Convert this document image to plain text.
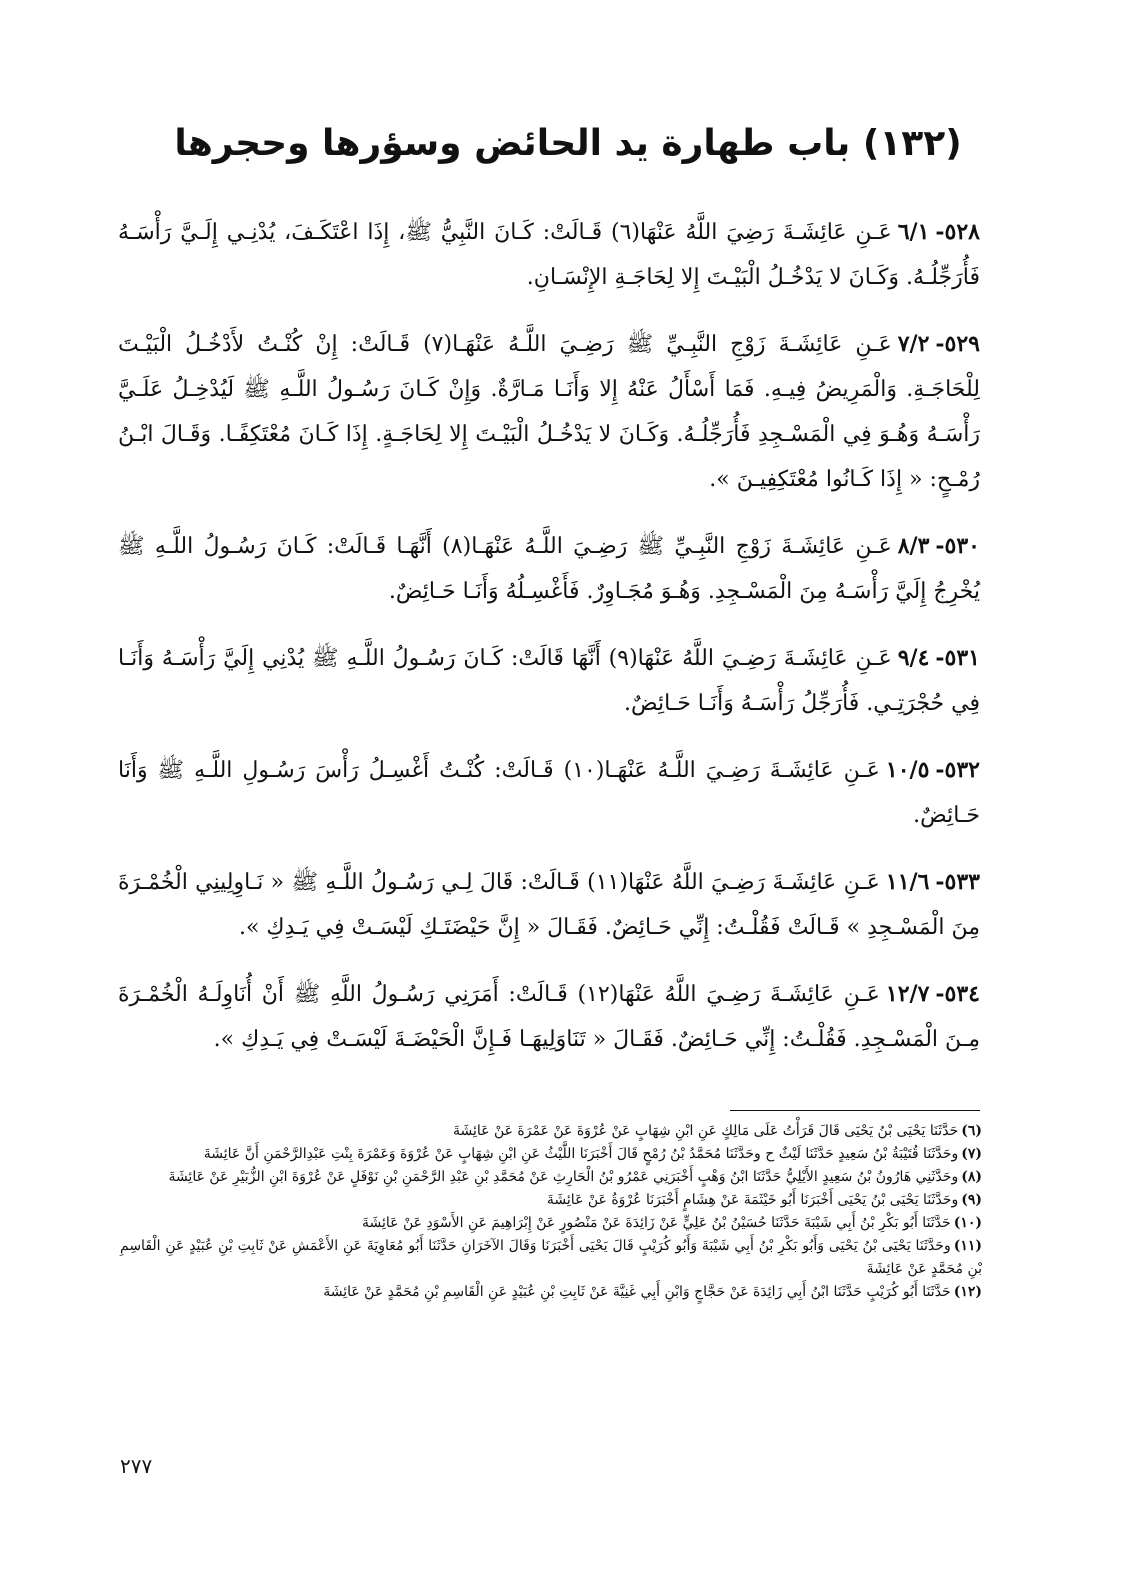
(١٣٢) باب طهارة يد الحائض وسؤرها وحجرها

٥٢٨-٦/١عَـنِ عَائِشَـةَ رَضِيَ اللَّهُ عَنْهَا(٦) قَـالَتْ: كَـانَ النَّبِيُّ ﷺ، إِذَا اعْتَكَـفَ، يُدْنِـي إِلَـيَّ رَأْسَـهُ فَأُرَجِّلُـهُ. وَكَـانَ لا يَدْخُـلُ الْبَيْـتَ إِلا لِحَاجَـةِ الإِنْسَـانِ.

٥٢٩-٧/٢عَـنِ عَائِشَـةَ زَوْجِ النَّبِـيِّ ﷺ رَضِـيَ اللَّـهُ عَنْهَـا(٧) قَـالَتْ: إِنْ كُنْـتُ لأَدْخُـلُ الْبَيْـتَ لِلْحَاجَـةِ. وَالْمَرِيضُ فِيـهِ. فَمَا أَسْأَلُ عَنْهُ إِلا وَأَنَـا مَـارَّةٌ. وَإِنْ كَـانَ رَسُـولُ اللَّـهِ ﷺ لَيُدْخِـلُ عَلَـيَّ رَأْسَـهُ وَهُـوَ فِي الْمَسْـجِدِ فَأُرَجِّلُـهُ. وَكَـانَ لا يَدْخُـلُ الْبَيْـتَ إِلا لِحَاجَـةٍ. إِذَا كَـانَ مُعْتَكِفًـا. وَقَـالَ ابْـنُ رُمْـحٍ: « إِذَا كَـانُوا مُعْتَكِفِيـنَ ».

٥٣٠-٨/٣عَـنِ عَائِشَـةَ زَوْجِ النَّبِـيِّ ﷺ رَضِـيَ اللَّـهُ عَنْهَـا(٨) أَنَّهَـا قَـالَتْ: كَـانَ رَسُـولُ اللَّـهِ ﷺ يُخْرِجُ إِلَيَّ رَأْسَـهُ مِنَ الْمَسْـجِدِ. وَهُـوَ مُجَـاوِرٌ. فَأَغْسِـلُهُ وَأَنَـا حَـائِضٌ.

٥٣١-٩/٤عَـنِ عَائِشَـةَ رَضِـيَ اللَّهُ عَنْهَا(٩) أَنَّهَا قَالَتْ: كَـانَ رَسُـولُ اللَّـهِ ﷺ يُدْنِي إِلَيَّ رَأْسَـهُ وَأَنَـا فِي حُجْرَتِـي. فَأُرَجِّلُ رَأْسَـهُ وَأَنَـا حَـائِضٌ.

٥٣٢-١٠/٥عَـنِ عَائِشَـةَ رَضِـيَ اللَّـهُ عَنْهَـا(١٠) قَـالَتْ: كُنْـتُ أَغْسِـلُ رَأْسَ رَسُـولِ اللَّـهِ ﷺ وَأَنَا حَـائِضٌ.

٥٣٣-١١/٦عَـنِ عَائِشَـةَ رَضِـيَ اللَّهُ عَنْهَا(١١) قَـالَتْ: قَالَ لِـي رَسُـولُ اللَّـهِ ﷺ « نَـاوِلِينِي الْخُمْـرَةَ مِنَ الْمَسْـجِدِ » قَـالَتْ فَقُلْـتُ: إِنِّي حَـائِضٌ. فَقَـالَ « إِنَّ حَيْضَتَـكِ لَيْسَـتْ فِي يَـدِكِ ».

٥٣٤-١٢/٧عَـنِ عَائِشَـةَ رَضِـيَ اللَّهُ عَنْهَا(١٢) قَـالَتْ: أَمَرَنِي رَسُـولُ اللَّهِ ﷺ أَنْ أُنَاوِلَـهُ الْخُمْـرَةَ مِـنَ الْمَسْـجِدِ. فَقُلْـتُ: إِنِّي حَـائِضٌ. فَقَـالَ « تَنَاوَلِيهَـا فَـإِنَّ الْحَيْضَـةَ لَيْسَـتْ فِي يَـدِكِ ».

(٦)حَدَّثَنَا يَحْيَى بْنُ يَحْيَى قَالَ قَرَأْتُ عَلَى مَالِكٍ عَنِ ابْنِ شِهَابٍ عَنْ عُرْوَةَ عَنْ عَمْرَةَ عَنْ عَائِشَةَ

(٧)وحَدَّثَنَا قُتَيْبَةُ بْنُ سَعِيدٍ حَدَّثَنَا لَيْثٌ ح وحَدَّثَنَا مُحَمَّدُ بْنُ رُمْحٍ قَالَ أَخْبَرَنَا اللَّيْثُ عَنِ ابْنِ شِهَابٍ عَنْ عُرْوَةَ وَعَمْرَةَ بِنْتِ عَبْدِالرَّحْمَنِ أَنَّ عَائِشَةَ

(٨)وحَدَّثَنِي هَارُونُ بْنُ سَعِيدٍ الأَيْلِيُّ حَدَّثَنَا ابْنُ وَهْبٍ أَخْبَرَنِي عَمْرُو بْنُ الْحَارِثِ عَنْ مُحَمَّدِ بْنِ عَبْدِ الرَّحْمَنِ بْنِ نَوْفَلٍ عَنْ عُرْوَةَ ابْنِ الزُّبَيْرِ عَنْ عَائِشَةَ

(٩)وحَدَّثَنَا يَحْيَى بْنُ يَحْيَى أَخْبَرَنَا أَبُو خَيْثَمَةَ عَنْ هِشَامٍ أَخْبَرَنَا عُرْوَةُ عَنْ عَائِشَةَ

(١٠)حَدَّثَنَا أَبُو بَكْرِ بْنُ أَبِي شَيْبَةَ حَدَّثَنَا حُسَيْنُ بْنُ عَلِيٍّ عَنْ زَائِدَةَ عَنْ مَنْصُورٍ عَنْ إِبْرَاهِيمَ عَنِ الأَسْوَدِ عَنْ عَائِشَةَ

(١١)وحَدَّثَنَا يَحْيَى بْنُ يَحْيَى وَأَبُو بَكْرِ بْنُ أَبِي شَيْبَةَ وَأَبُو كُرَيْبٍ قَالَ يَحْيَى أَخْبَرَنَا وَقَالَ الآخَرَانِ حَدَّثَنَا أَبُو مُعَاوِيَةَ عَنِ الأَعْمَشِ عَنْ ثَابِتِ بْنِ عُبَيْدٍ عَنِ الْقَاسِمِ بْنِ مُحَمَّدٍ عَنْ عَائِشَةَ

(١٢)حَدَّثَنَا أَبُو كُرَيْبٍ حَدَّثَنَا ابْنُ أَبِي زَائِدَةَ عَنْ حَجَّاجٍ وَابْنِ أَبِي غَنِيَّةَ عَنْ ثَابِتِ بْنِ عُبَيْدٍ عَنِ الْقَاسِمِ بْنِ مُحَمَّدٍ عَنْ عَائِشَةَ

٢٧٧
